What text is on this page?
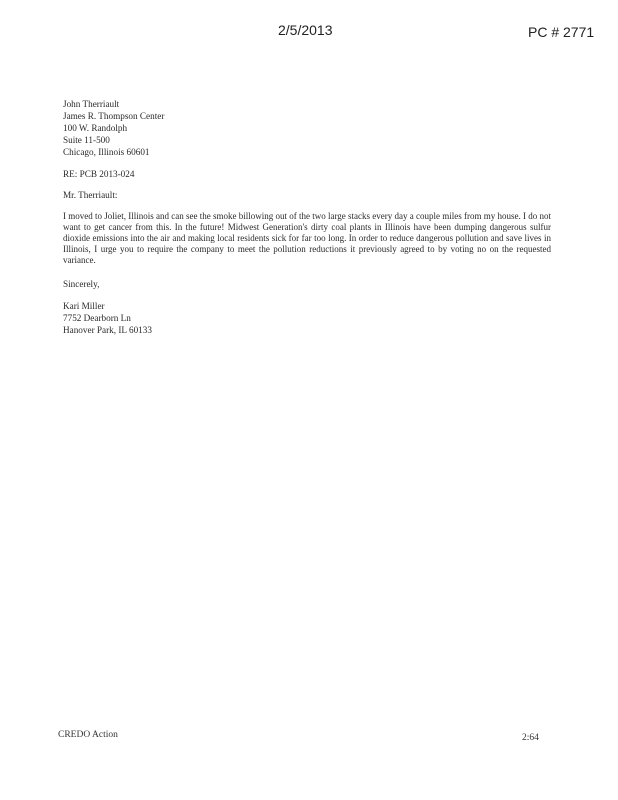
2/5/2013	PC # 2771
John Therriault
James R. Thompson Center
100 W. Randolph
Suite 11-500
Chicago, Illinois 60601
RE: PCB 2013-024
Mr. Therriault:
I moved to Joliet, Illinois and can see the smoke billowing out of the two large stacks every day a couple miles from my house. I do not want to get cancer from this. In the future! Midwest Generation's dirty coal plants in Illinois have been dumping dangerous sulfur dioxide emissions into the air and making local residents sick for far too long. In order to reduce dangerous pollution and save lives in Illinois, I urge you to require the company to meet the pollution reductions it previously agreed to by voting no on the requested variance.
Sincerely,
Kari Miller
7752 Dearborn Ln
Hanover Park, IL 60133
CREDO Action	2:64
